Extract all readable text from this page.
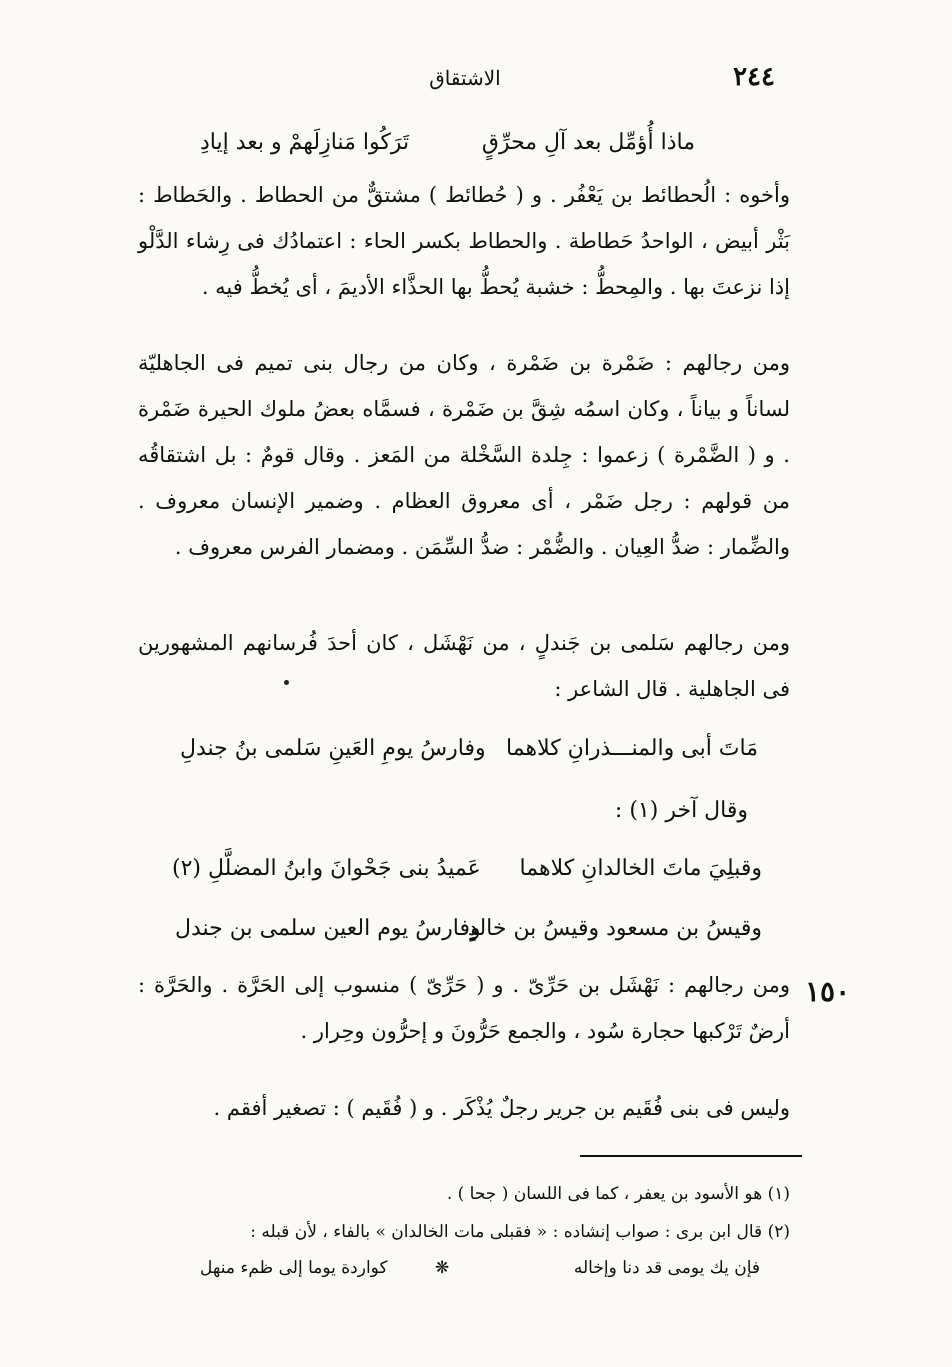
٢٤٤
الاشتقاق
ماذا أُؤمِّل بعد آلِ محرِّقٍ
تَرَكُوا مَنازِلَهمْ و بعد إيادِ

وأخوه : الُحطائط بن يَعْفُر . و ( حُطائط ) مشتقٌّ من الحطاط . والحَطاط : بَثْر أبيض ، الواحدُ حَطاطة . والحطاط بكسر الحاء : اعتمادُك فى رِشاء الدَّلْو إذا نزعتَ بها . والمِحطُّ : خشبة يُحطُّ بها الحذَّاء الأديمَ ، أى يُخطُّ فيه .

ومن رجالهم : ضَمْرة بن ضَمْرة ، وكان من رجال بنى تميم فى الجاهليّة لساناً و بياناً ، وكان اسمُه شِقَّ بن ضَمْرة ، فسمَّاه بعضُ ملوك الحيرة ضَمْرة . و ( الضَّمْرة ) زعموا : جِلدة السَّخْلة من المَعز . وقال قومٌ : بل اشتقاقُه من قولهم : رجل ضَمْر ، أى معروق العظام . وضمير الإنسان معروف . والضِّمار : ضدُّ العِيان . والضُّمْر : ضدُّ السِّمَن . ومضمار الفرس معروف .

ومن رجالهم سَلمى بن جَندلٍ ، من نَهْشَل ، كان أحدَ فُرسانهم المشهورين فى الجاهلية . قال الشاعر :

مَاتَ أبى والمنـــذرانِ كلاهما
وفارسُ يومِ العَينِ سَلمى بنُ جندلِ
وقال آخر (١) :
وقبلِيَ ماتَ الخالدانِ كلاهما
عَميدُ بنى جَحْوانَ وابنُ المضلَّلِ (٢)
وقيسُ بن مسعود وقيسُ بن خالدٍ
وفارسُ يوم العين سلمى بن جندل
١٥٠

ومن رجالهم : نَهْشَل بن حَرِّىّ . و ( حَرِّىّ ) منسوب إلى الحَرَّة . والحَرَّة : أرضٌ تَرْكبها حجارة سُود ، والجمع حَرُّونَ و إحرُّون وحِرار .

وليس فى بنى فُقَيم بن جرير رجلٌ يُذْكَر . و ( فُقَيم ) : تصغير أفقم .

(١) هو الأسود بن يعفر ، كما فى اللسان ( جحا ) .
(٢) قال ابن برى : صواب إنشاده : « فقبلى مات الخالدان » بالفاء ، لأن قبله :
فإن يك يومى قد دنا وإخاله
❋
كواردة يوما إلى ظمء منهل
